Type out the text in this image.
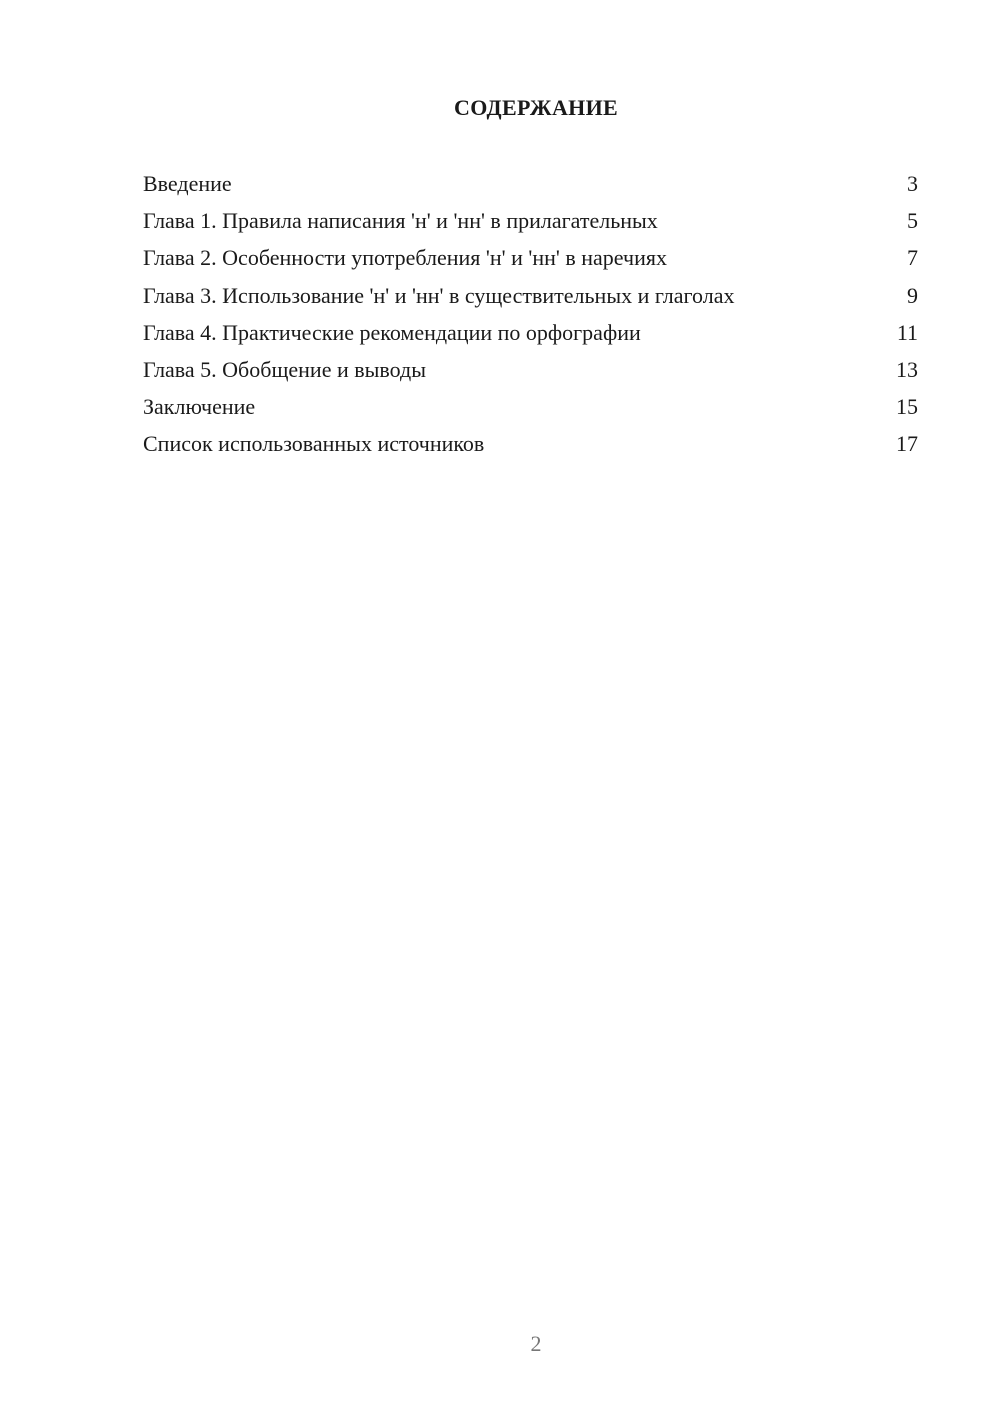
СОДЕРЖАНИЕ
Введение	3
Глава 1. Правила написания 'н' и 'нн' в прилагательных	5
Глава 2. Особенности употребления 'н' и 'нн' в наречиях	7
Глава 3. Использование 'н' и 'нн' в существительных и глаголах	9
Глава 4. Практические рекомендации по орфографии	11
Глава 5. Обобщение и выводы	13
Заключение	15
Список использованных источников	17
2
